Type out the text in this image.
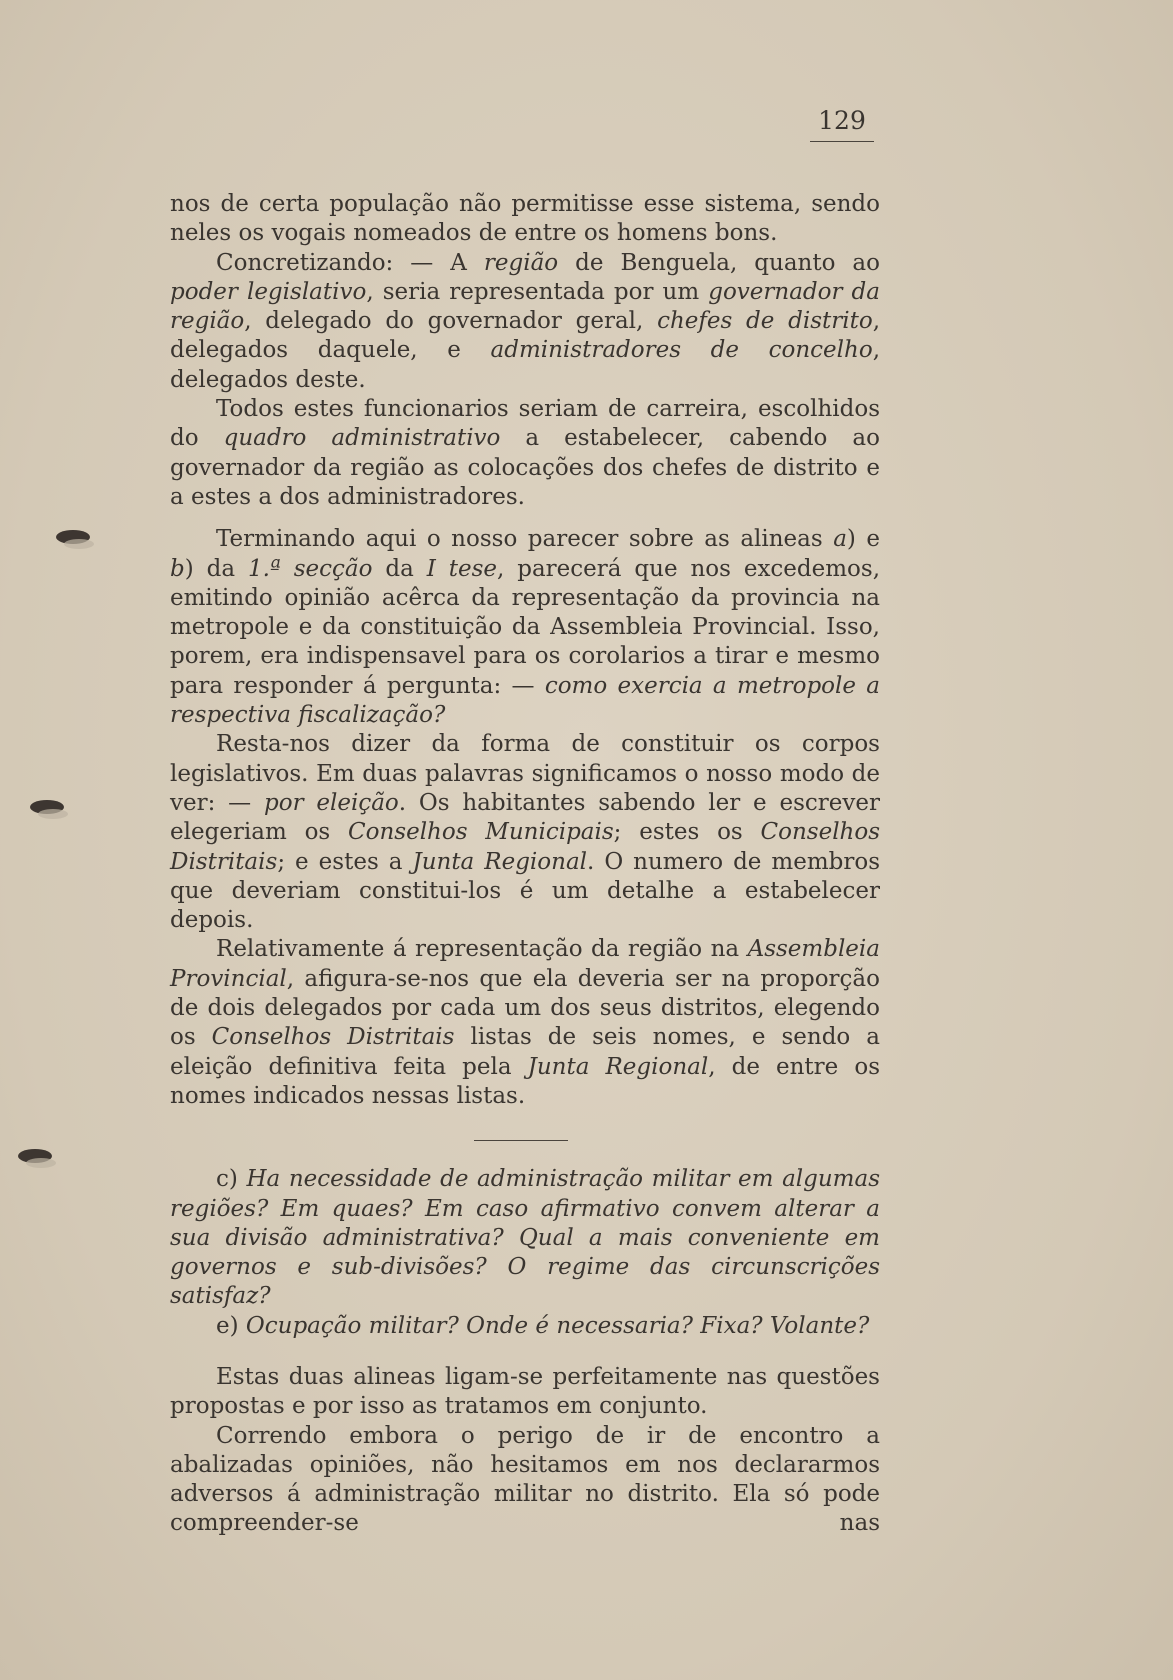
129

nos de certa população não permitisse esse sistema, sendo neles os vogais nomeados de entre os homens bons.

Concretizando: — A região de Benguela, quanto ao poder legislativo, seria representada por um governador da região, delegado do governador geral, chefes de distrito, delegados daquele, e administradores de concelho, delegados deste.

Todos estes funcionarios seriam de carreira, escolhidos do quadro administrativo a estabelecer, cabendo ao governador da região as colocações dos chefes de distrito e a estes a dos administradores.

Terminando aqui o nosso parecer sobre as alineas a) e b) da 1.ª secção da I tese, parecerá que nos excedemos, emitindo opinião acêrca da representação da provincia na metropole e da constituição da Assembleia Provincial. Isso, porem, era indispensavel para os corolarios a tirar e mesmo para responder á pergunta: — como exercia a metropole a respectiva fiscalização?

Resta-nos dizer da forma de constituir os corpos legislativos. Em duas palavras significamos o nosso modo de ver: — por eleição. Os habitantes sabendo ler e escrever elegeriam os Conselhos Municipais; estes os Conselhos Distritais; e estes a Junta Regional. O numero de membros que deveriam constitui-los é um detalhe a estabelecer depois.

Relativamente á representação da região na Assembleia Provincial, afigura-se-nos que ela deveria ser na proporção de dois delegados por cada um dos seus distritos, elegendo os Conselhos Distritais listas de seis nomes, e sendo a eleição definitiva feita pela Junta Regional, de entre os nomes indicados nessas listas.

c) Ha necessidade de administração militar em algumas regiões? Em quaes? Em caso afirmativo convem alterar a sua divisão administrativa? Qual a mais conveniente em governos e sub-divisões? O regime das circunscrições satisfaz?

e) Ocupação militar? Onde é necessaria? Fixa? Volante?

Estas duas alineas ligam-se perfeitamente nas questões propostas e por isso as tratamos em conjunto.

Correndo embora o perigo de ir de encontro a abalizadas opiniões, não hesitamos em nos declararmos adversos á administração militar no distrito. Ela só pode compreender-se nas
